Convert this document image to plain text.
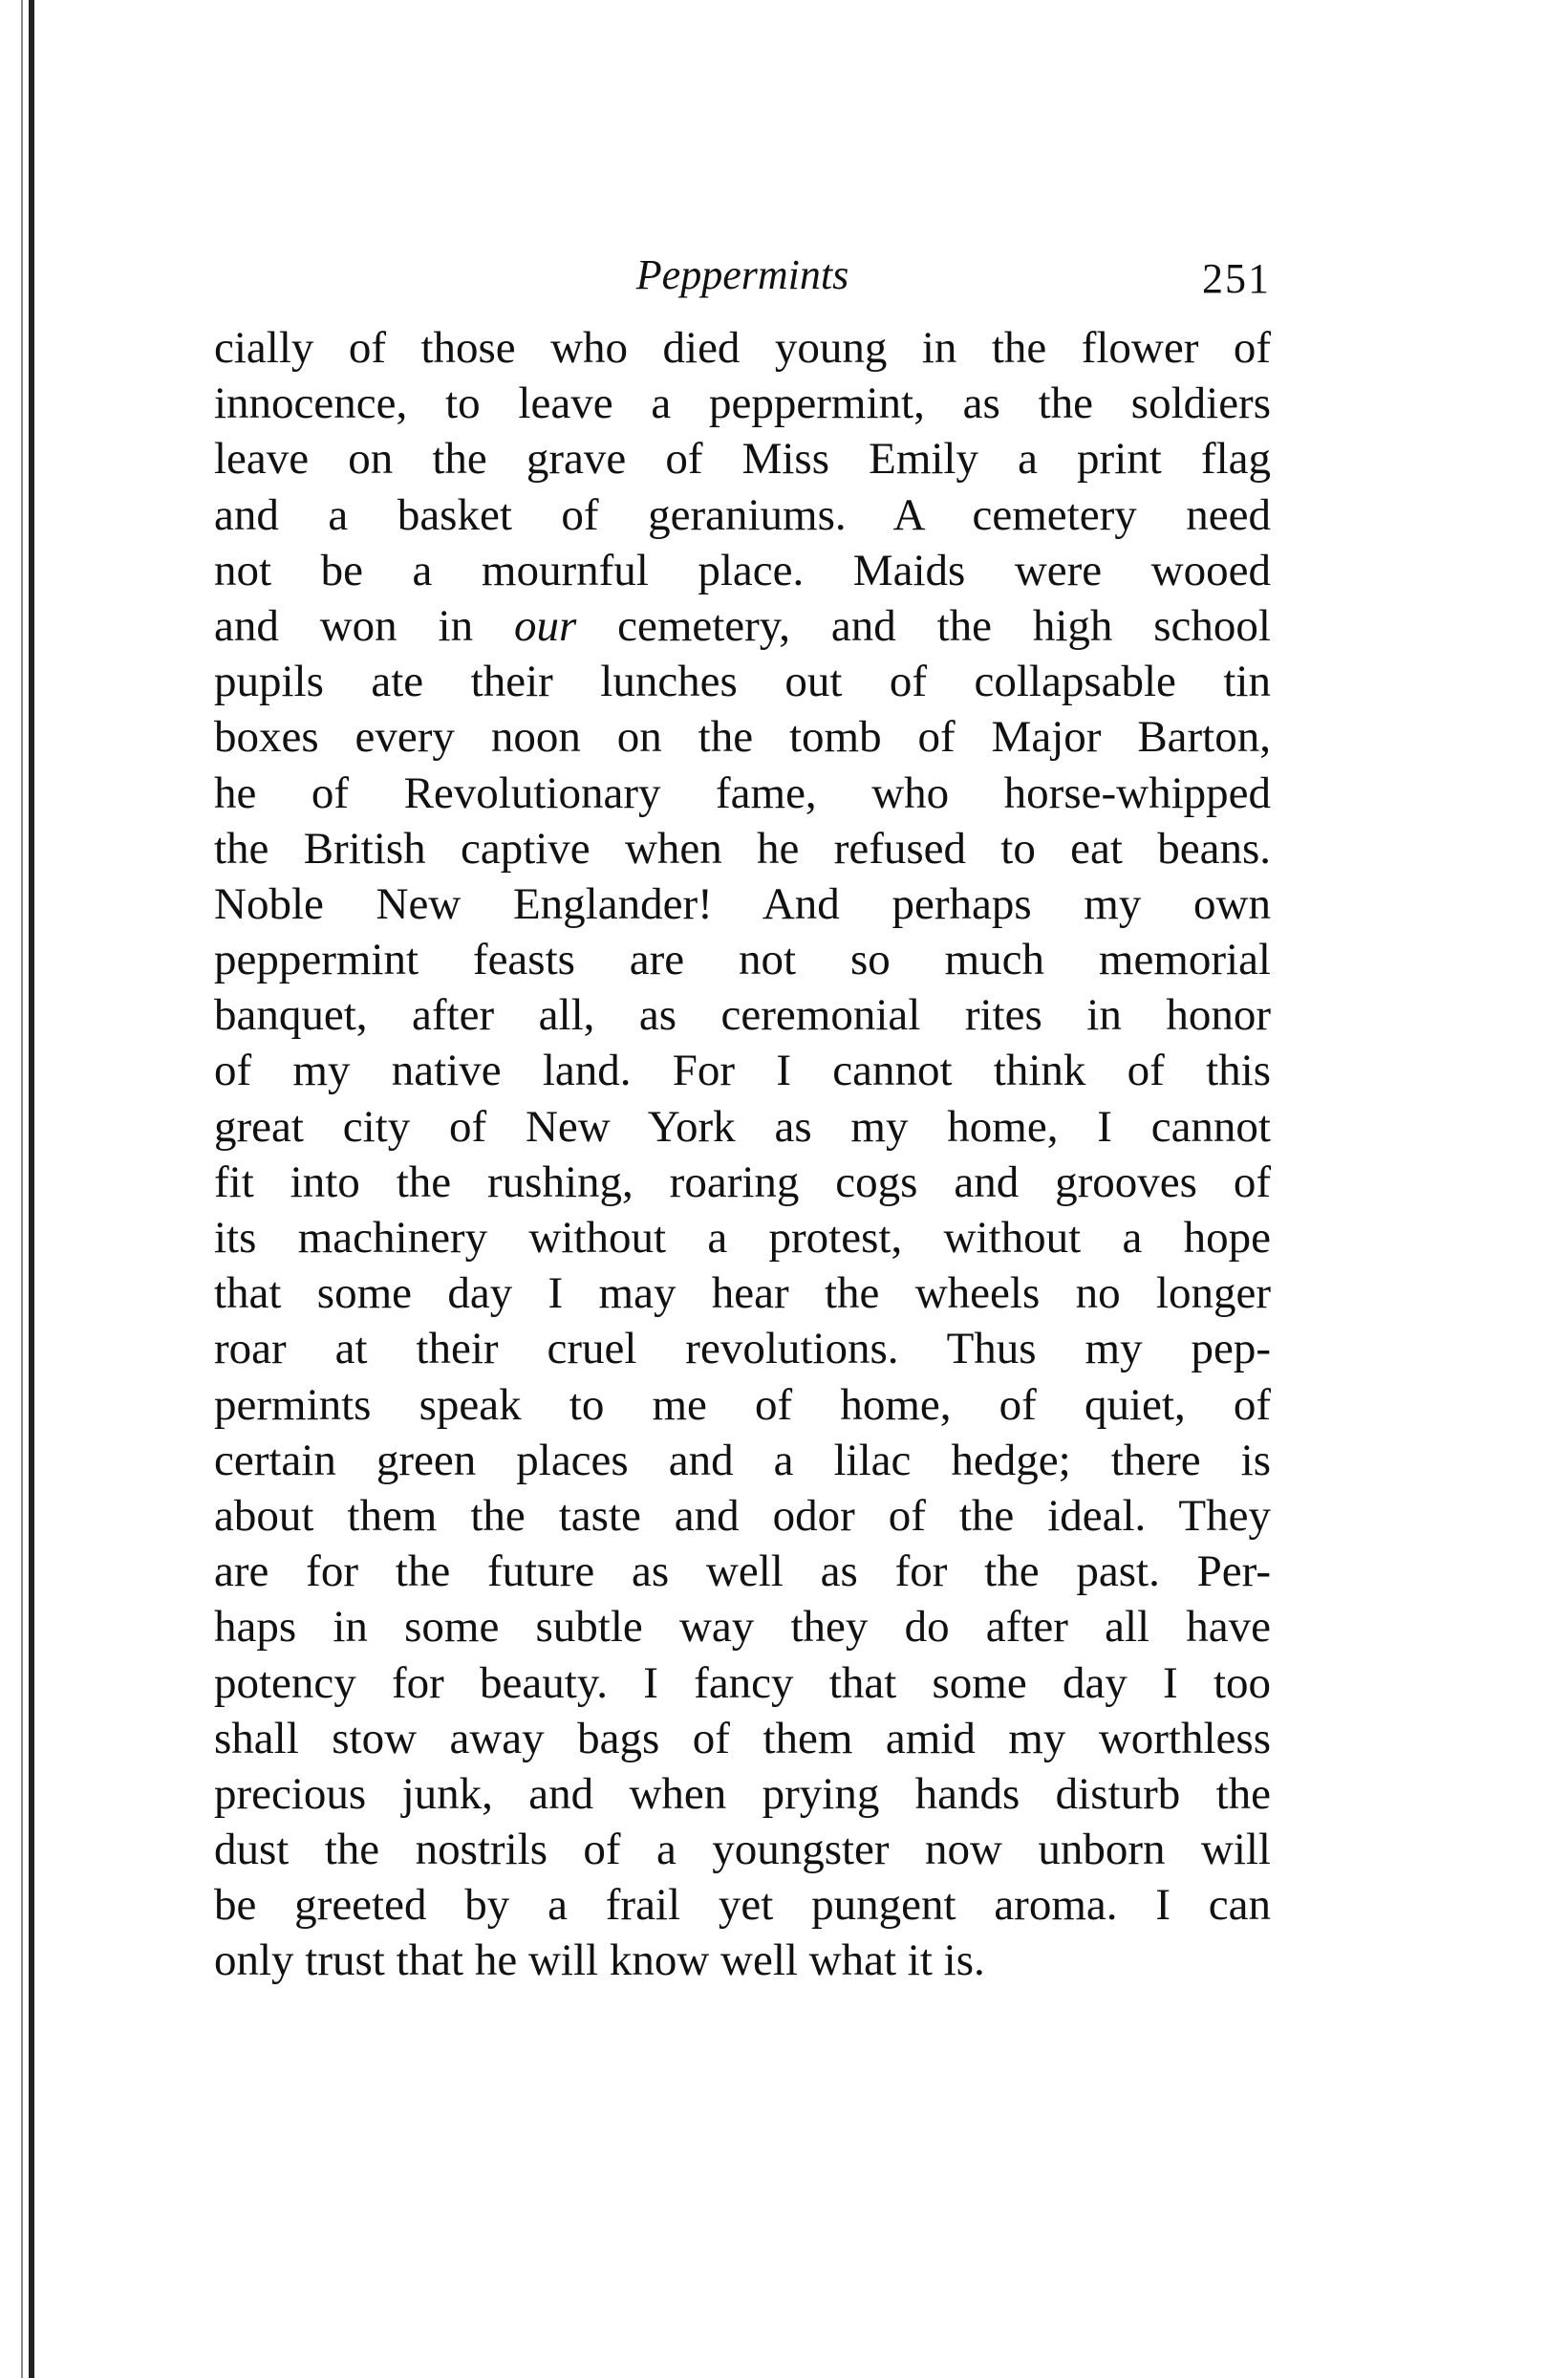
Peppermints	251
cially of those who died young in the flower of
innocence, to leave a peppermint, as the soldiers
leave on the grave of Miss Emily a print flag
and a basket of geraniums. A cemetery need
not be a mournful place. Maids were wooed
and won in our cemetery, and the high school
pupils ate their lunches out of collapsable tin
boxes every noon on the tomb of Major Barton,
he of Revolutionary fame, who horse-whipped
the British captive when he refused to eat beans.
Noble New Englander! And perhaps my own
peppermint feasts are not so much memorial
banquet, after all, as ceremonial rites in honor
of my native land. For I cannot think of this
great city of New York as my home, I cannot
fit into the rushing, roaring cogs and grooves of
its machinery without a protest, without a hope
that some day I may hear the wheels no longer
roar at their cruel revolutions. Thus my pep-
permints speak to me of home, of quiet, of
certain green places and a lilac hedge; there is
about them the taste and odor of the ideal. They
are for the future as well as for the past. Per-
haps in some subtle way they do after all have
potency for beauty. I fancy that some day I too
shall stow away bags of them amid my worthless
precious junk, and when prying hands disturb the
dust the nostrils of a youngster now unborn will
be greeted by a frail yet pungent aroma. I can
only trust that he will know well what it is.
